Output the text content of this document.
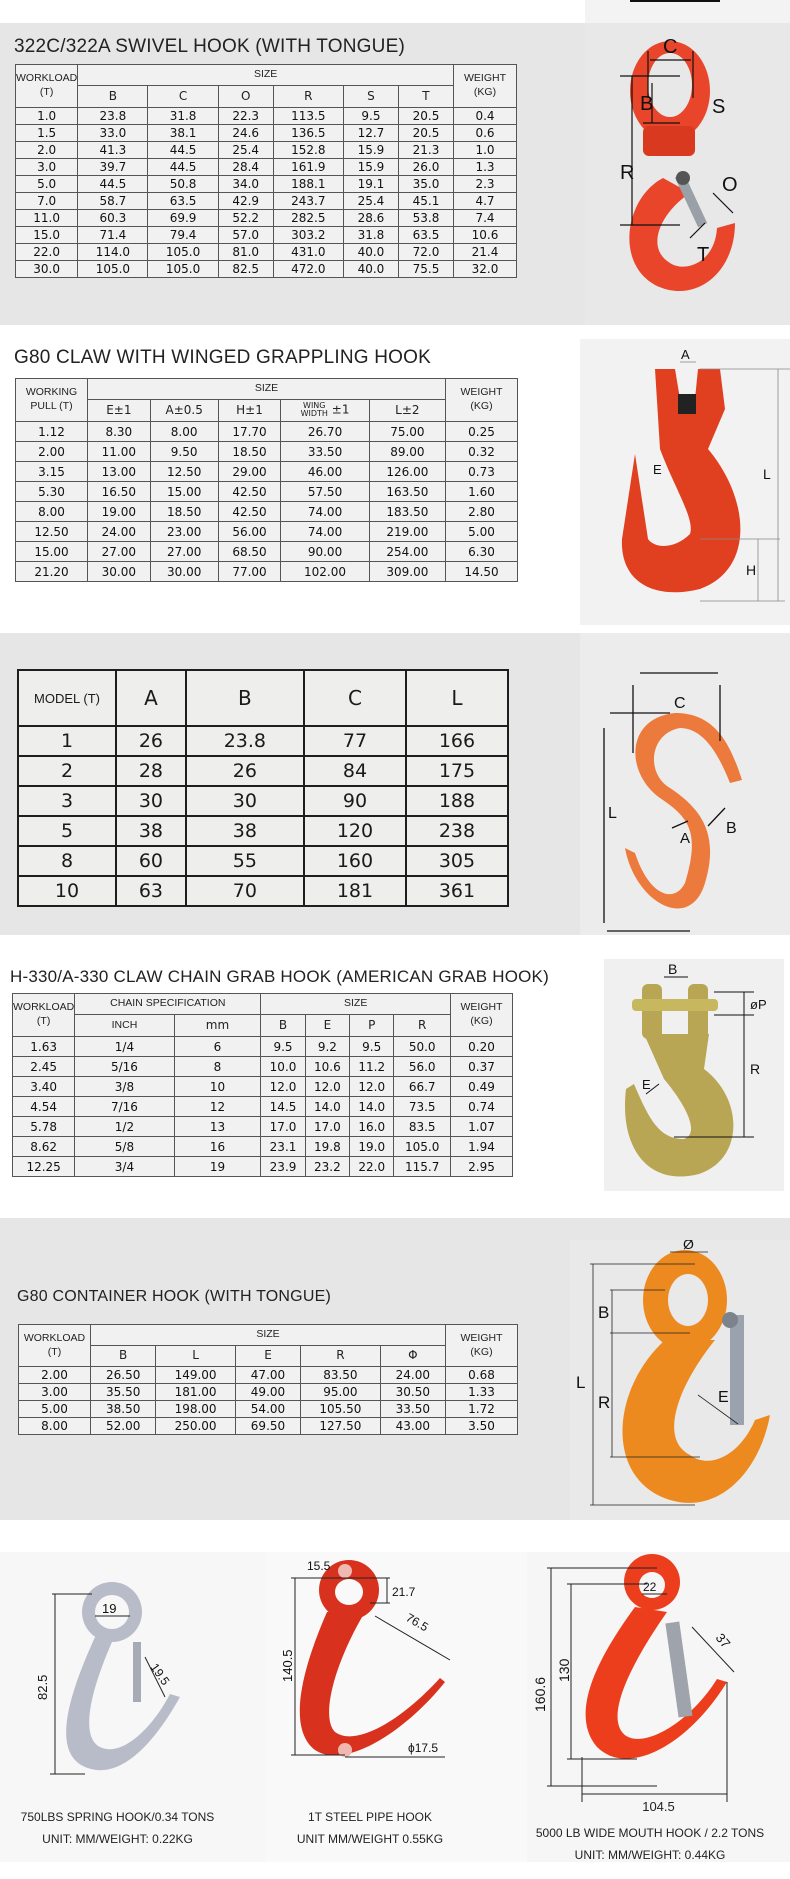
322C/322A SWIVEL HOOK (WITH TONGUE)
WORKLOAD
(T)	SIZE						WEIGHT
(KG)
	B	C	O	R	S	T	
1.0	23.8	31.8	22.3	113.5	9.5	20.5	0.4
1.5	33.0	38.1	24.6	136.5	12.7	20.5	0.6
2.0	41.3	44.5	25.4	152.8	15.9	21.3	1.0
3.0	39.7	44.5	28.4	161.9	15.9	26.0	1.3
5.0	44.5	50.8	34.0	188.1	19.1	35.0	2.3
7.0	58.7	63.5	42.9	243.7	25.4	45.1	4.7
11.0	60.3	69.9	52.2	282.5	28.6	53.8	7.4
15.0	71.4	79.4	57.0	303.2	31.8	63.5	10.6
22.0	114.0	105.0	81.0	431.0	40.0	72.0	21.4
30.0	105.0	105.0	82.5	472.0	40.0	75.5	32.0
C
B	S
R
O
T
G80 CLAW WITH WINGED GRAPPLING HOOK
WORKING
PULL (T)	SIZE					WEIGHT
(KG)
	E±1	A±0.5	H±1	WING
WIDTH ±1	L±2	
1.12	8.30	8.00	17.70	26.70	75.00	0.25
2.00	11.00	9.50	18.50	33.50	89.00	0.32
3.15	13.00	12.50	29.00	46.00	126.00	0.73
5.30	16.50	15.00	42.50	57.50	163.50	1.60
8.00	19.00	18.50	42.50	74.00	183.50	2.80
12.50	24.00	23.00	56.00	74.00	219.00	5.00
15.00	27.00	27.00	68.50	90.00	254.00	6.30
21.20	30.00	30.00	77.00	102.00	309.00	14.50
A
E	L
H
MODEL (T)	A	B	C	L
1	26	23.8	77	166
2	28	26	84	175
3	30	30	90	188
5	38	38	120	238
8	60	55	160	305
10	63	70	181	361
C
L
A
B
H-330/A-330 CLAW CHAIN GRAB HOOK (AMERICAN GRAB HOOK)
WORKLOAD
(T)	CHAIN SPECIFICATION		SIZE				WEIGHT
(KG)
	INCH	mm	B	E	P	R	
1.63	1/4	6	9.5	9.2	9.5	50.0	0.20
2.45	5/16	8	10.0	10.6	11.2	56.0	0.37
3.40	3/8	10	12.0	12.0	12.0	66.7	0.49
4.54	7/16	12	14.5	14.0	14.0	73.5	0.74
5.78	1/2	13	17.0	17.0	16.0	83.5	1.07
8.62	5/8	16	23.1	19.8	19.0	105.0	1.94
12.25	3/4	19	23.9	23.2	22.0	115.7	2.95
B
øP
R
E
G80 CONTAINER HOOK (WITH TONGUE)
WORKLOAD
(T)	SIZE					WEIGHT
(KG)
	B	L	E	R	Φ	
2.00	26.50	149.00	47.00	83.50	24.00	0.68
3.00	35.50	181.00	49.00	95.00	30.50	1.33
5.00	38.50	198.00	54.00	105.50	33.50	1.72
8.00	52.00	250.00	69.50	127.50	43.00	3.50
Ø
B
L
R	E
19
82.5	19.5
750LBS SPRING HOOK/0.34 TONS
UNIT: MM/WEIGHT: 0.22KG
15.5
21.7
140.5
76.5
ϕ17.5
1T STEEL PIPE HOOK
UNIT MM/WEIGHT 0.55KG
22
160.6
130
37
104.5
5000 LB WIDE MOUTH HOOK / 2.2 TONS
UNIT: MM/WEIGHT: 0.44KG
